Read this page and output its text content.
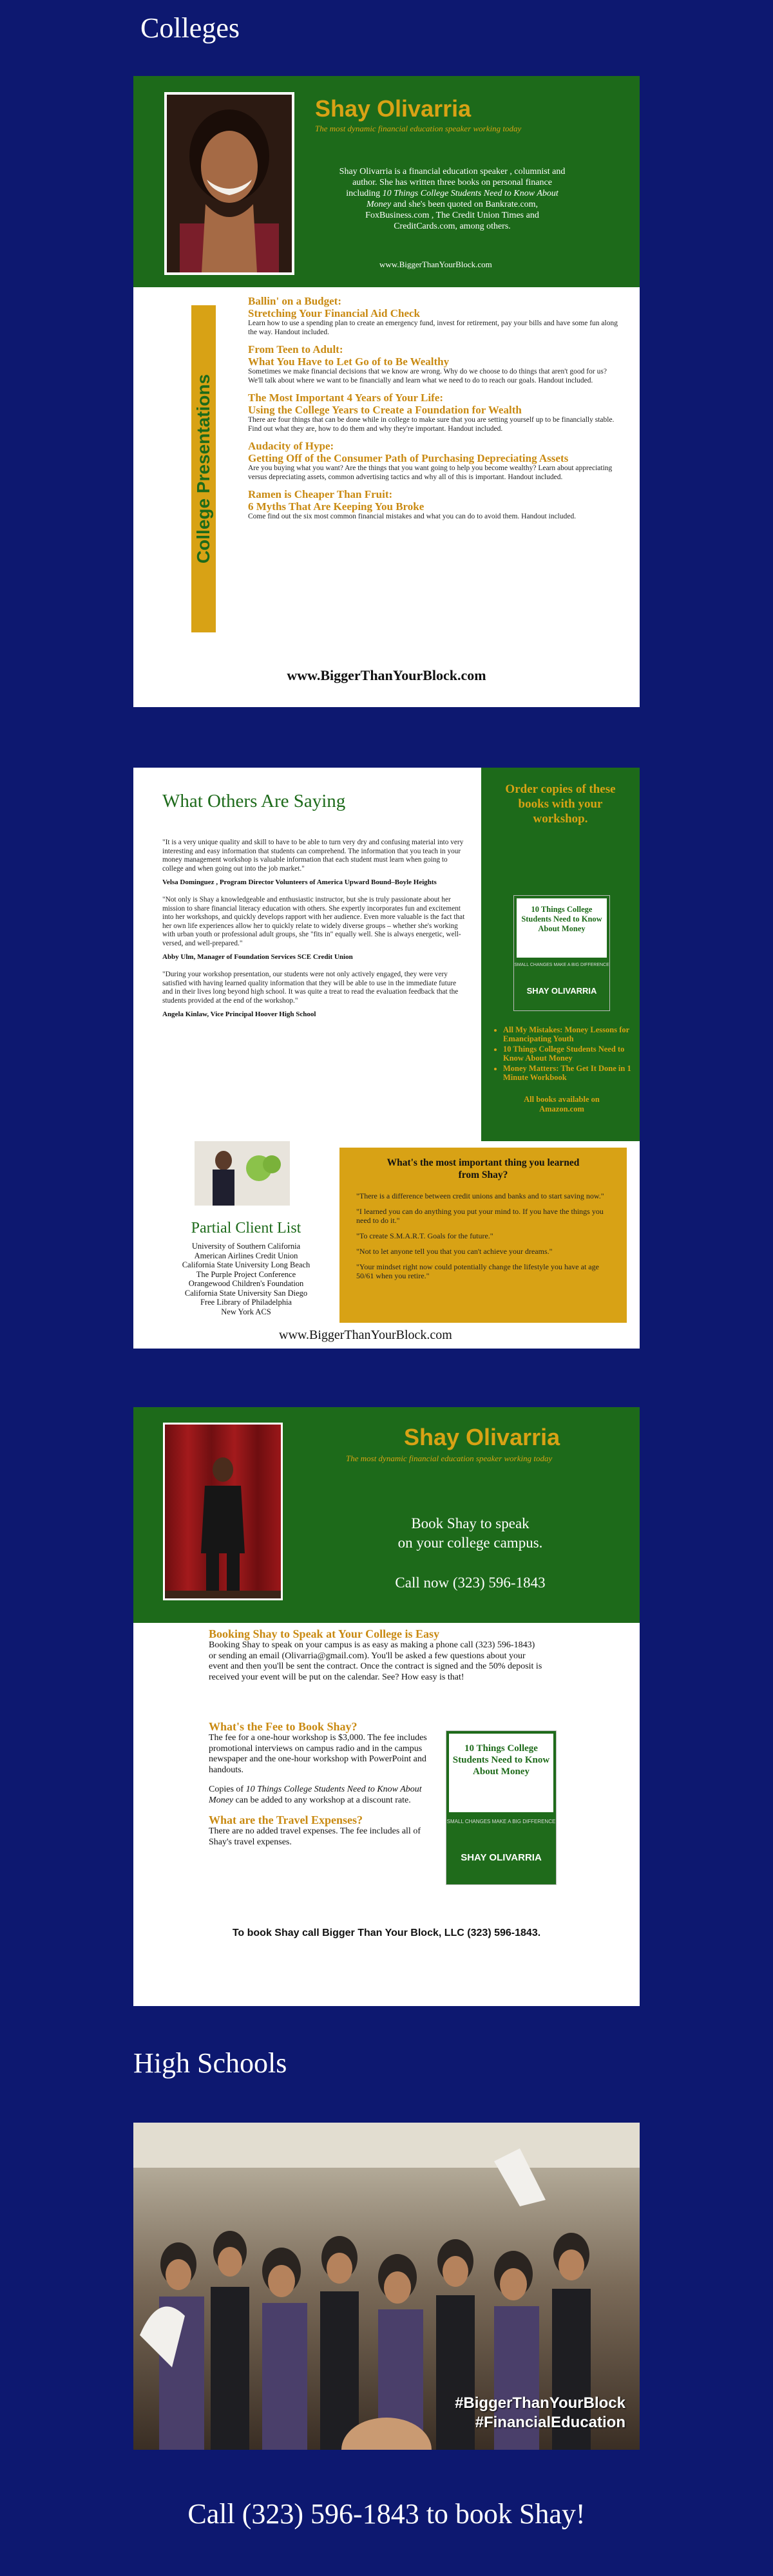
Colleges
Shay Olivarria
The most dynamic financial education speaker working today
Shay Olivarria is a financial education speaker , columnist and author. She has written three books on personal finance including 10 Things College Students Need to Know About Money and she's been quoted on Bankrate.com, FoxBusiness.com , The Credit Union Times and CreditCards.com, among others.
www.BiggerThanYourBlock.com
College Presentations
Ballin' on a Budget:
Stretching Your Financial Aid Check
Learn how to use a spending plan to create an emergency fund, invest for retirement, pay your bills and have some fun along the way. Handout included.
From Teen to Adult:
What You Have to Let Go of to Be Wealthy
Sometimes we make financial decisions that we know are wrong. Why do we choose to do things that aren't good for us? We'll talk about where we want to be financially and learn what we need to do to reach our goals. Handout included.
The Most Important 4 Years of Your Life:
Using the College Years to Create a Foundation for Wealth
There are four things that can be done while in college to make sure that you are setting yourself up to be financially stable. Find out what they are, how to do them and why they're important. Handout included.
Audacity of Hype:
Getting Off of the Consumer Path of Purchasing Depreciating Assets
Are you buying what you want? Are the things that you want going to help you become wealthy? Learn about appreciating versus depreciating assets, common advertising tactics and why all of this is important. Handout included.
Ramen is Cheaper Than Fruit:
6 Myths That Are Keeping You Broke
Come find out the six most common financial mistakes and what you can do to avoid them. Handout included.
www.BiggerThanYourBlock.com
What Others Are Saying
"It is a very unique quality and skill to have to be able to turn very dry and confusing material into very interesting and easy information that students can comprehend. The information that you teach in your money management workshop is valuable information that each student must learn when going to college and when going out into the job market."
Velsa Dominguez , Program Director Volunteers of America Upward Bound–Boyle Heights
"Not only is Shay a knowledgeable and enthusiastic instructor, but she is truly passionate about her mission to share financial literacy education with others. She expertly incorporates fun and excitement into her workshops, and quickly develops rapport with her audience. Even more valuable is the fact that her own life experiences allow her to quickly relate to widely diverse groups – whether she's working with urban youth or professional adult groups, she "fits in" equally well. She is always energetic, well-versed, and well-prepared."
Abby Ulm, Manager of Foundation Services SCE Credit Union
"During your workshop presentation, our students were not only actively engaged, they were very satisfied with having learned quality information that they will be able to use in the immediate future and in their lives long beyond high school. It was quite a treat to read the evaluation feedback that the students provided at the end of the workshop."
Angela Kinlaw, Vice Principal Hoover High School
Order copies of these books with your workshop.
10 Things College Students Need to Know About Money
SMALL CHANGES MAKE A BIG DIFFERENCE
SHAY OLIVARRIA
• All My Mistakes: Money Lessons for Emancipating Youth
• 10 Things College Students Need to Know About Money
• Money Matters: The Get It Done in 1 Minute Workbook
All books available on Amazon.com
Partial Client List
University of Southern California
American Airlines Credit Union
California State University Long Beach
The Purple Project Conference
Orangewood Children's Foundation
California State University San Diego
Free Library of Philadelphia
New York ACS
What's the most important thing you learned from Shay?
"There is a difference between credit unions and banks and to start saving now."
"I learned you can do anything you put your mind to. If you have the things you need to do it."
"To create S.M.A.R.T. Goals for the future."
"Not to let anyone tell you that you can't achieve your dreams."
"Your mindset right now could potentially change the lifestyle you have at age 50/61 when you retire."
www.BiggerThanYourBlock.com
Shay Olivarria
The most dynamic financial education speaker working today
Book Shay to speak
on your college campus.
Call now (323) 596-1843
Booking Shay to Speak at Your College is Easy
Booking Shay to speak on your campus is as easy as making a phone call (323) 596-1843) or sending an email (Olivarria@gmail.com). You'll be asked a few questions about your event and then you'll be sent the contract. Once the contract is signed and the 50% deposit is received your event will be put on the calendar. See? How easy is that!
What's the Fee to Book Shay?
The fee for a one-hour workshop is $3,000. The fee includes promotional interviews on campus radio and in the campus newspaper and the one-hour workshop with PowerPoint and handouts.
Copies of 10 Things College Students Need to Know About Money can be added to any workshop at a discount rate.
What are the Travel Expenses?
There are no added travel expenses. The fee includes all of Shay's travel expenses.
10 Things College Students Need to Know About Money
SMALL CHANGES MAKE A BIG DIFFERENCE
SHAY OLIVARRIA
To book Shay call Bigger Than Your Block, LLC (323) 596-1843.
High Schools
#BiggerThanYourBlock
#FinancialEducation
Call (323) 596-1843 to book Shay!
